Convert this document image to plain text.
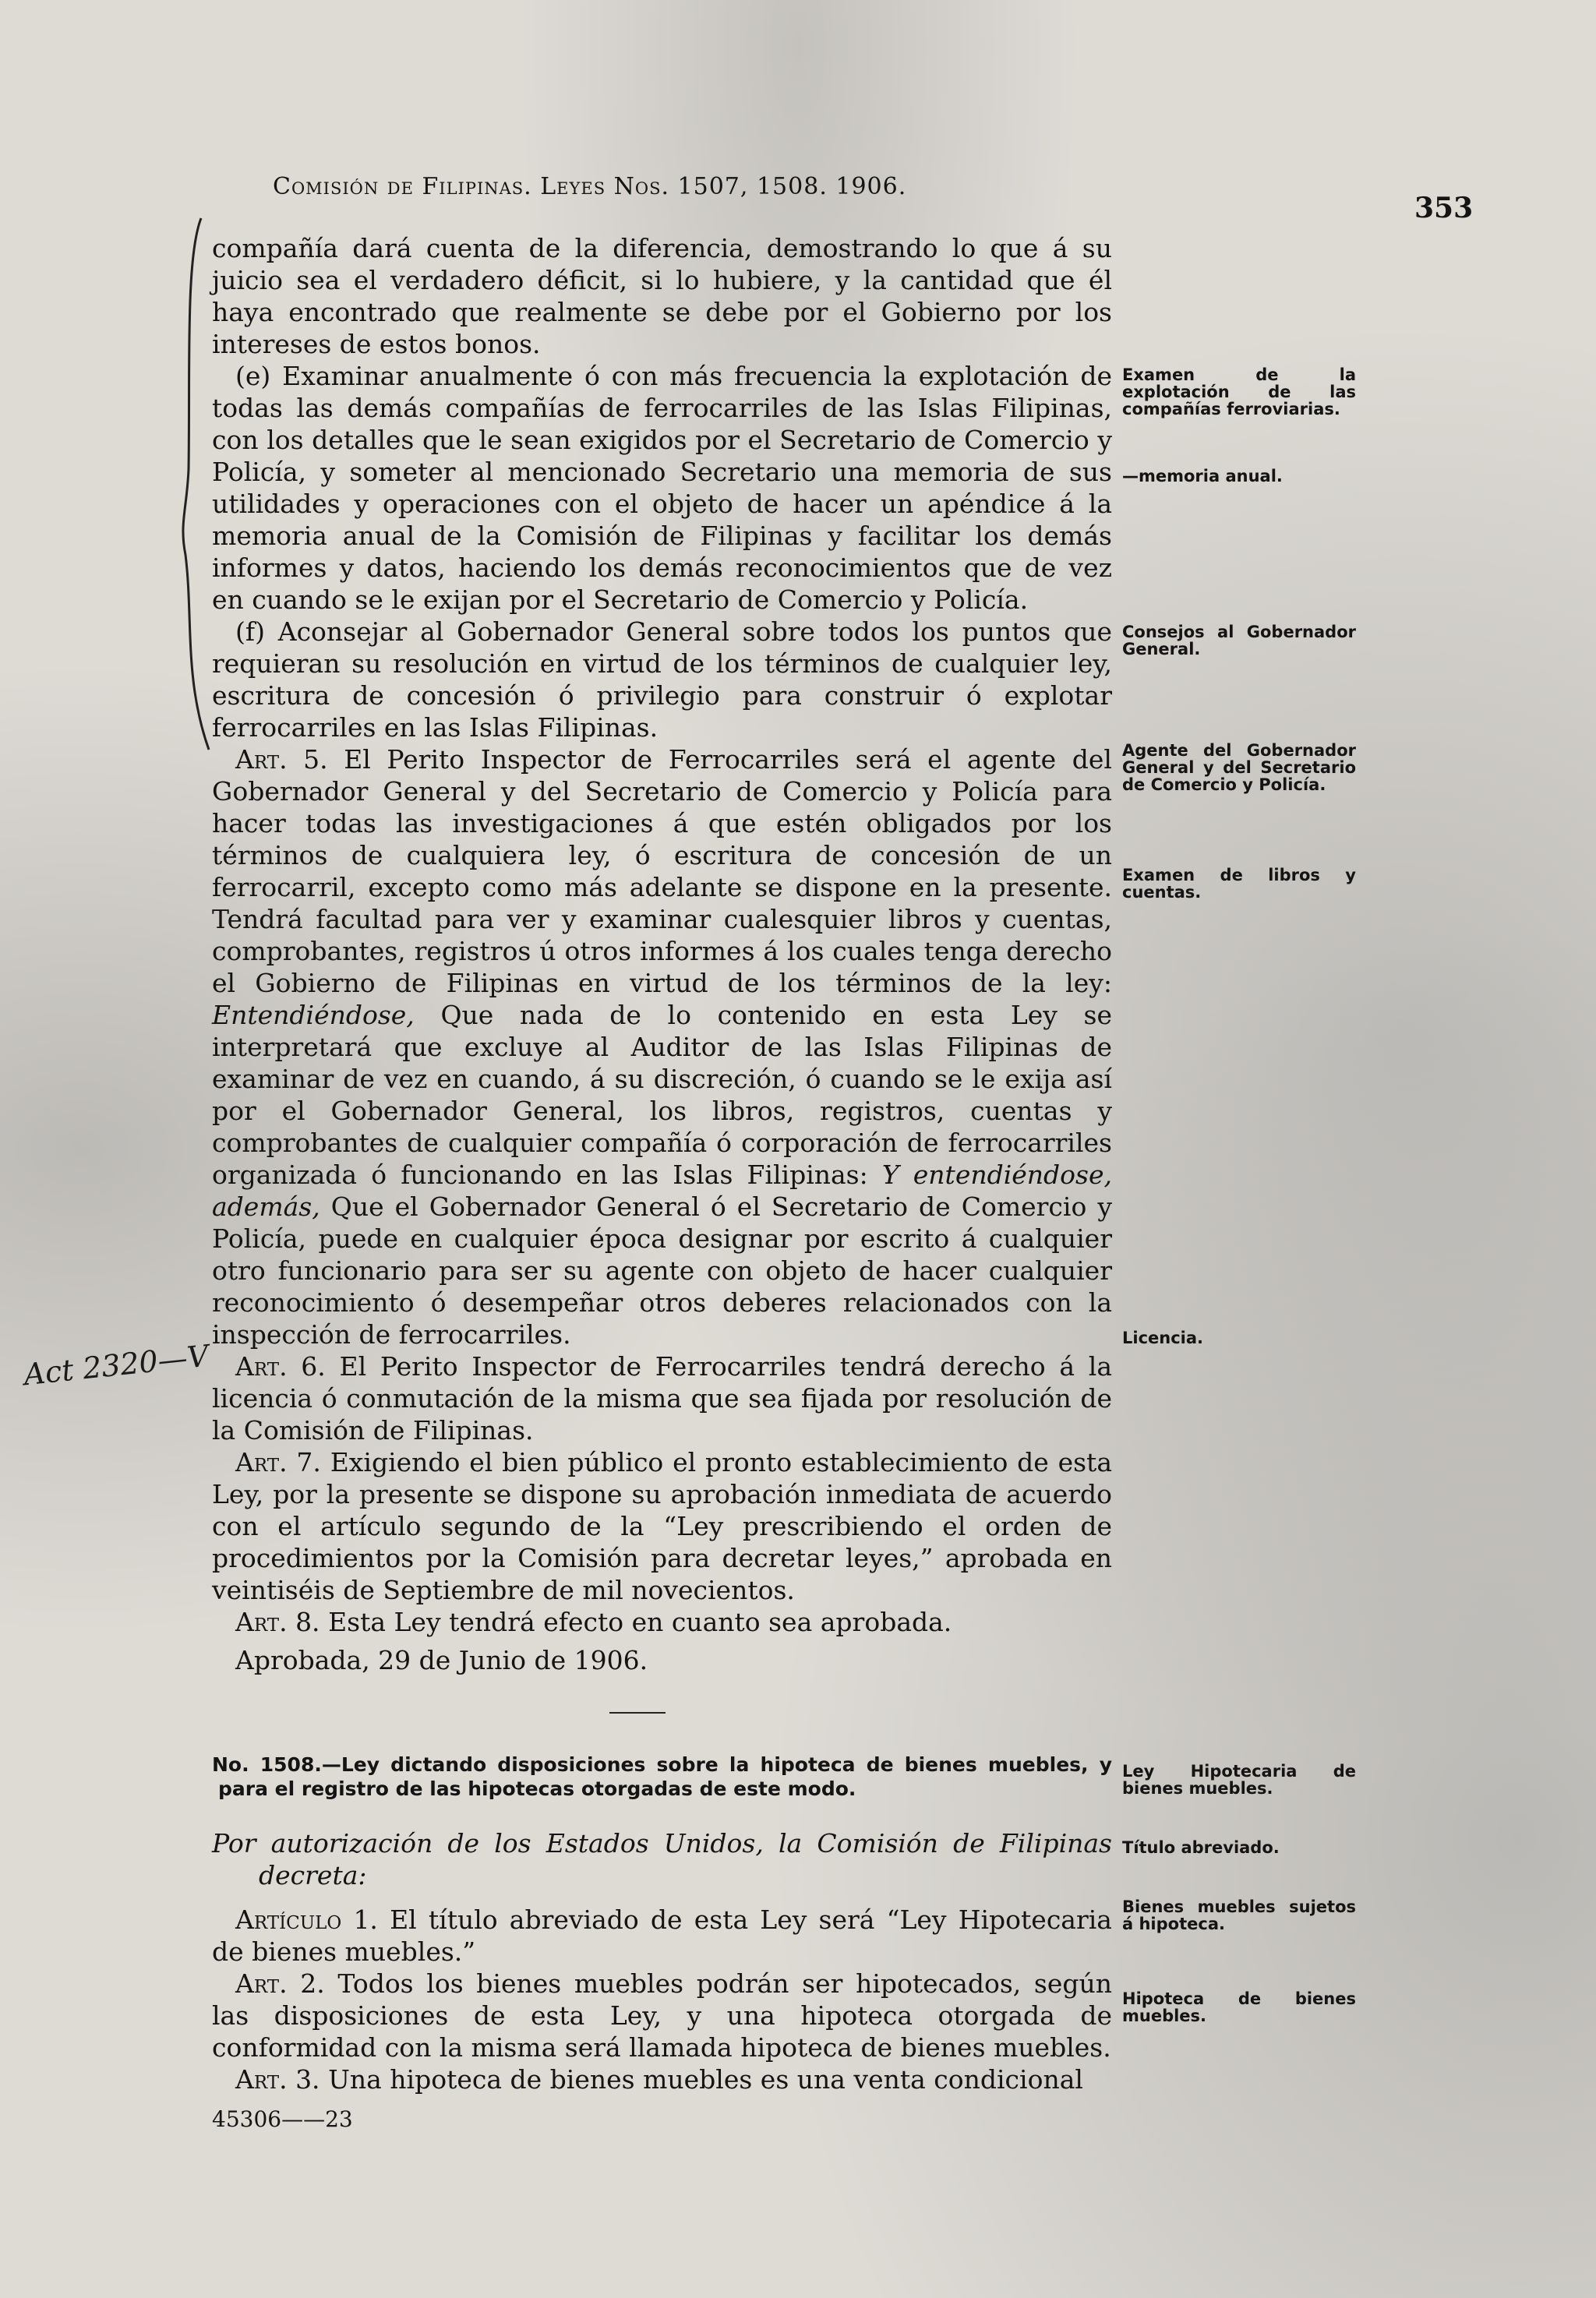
Comisión de Filipinas. Leyes Nos. 1507, 1508. 1906.
353
Act 2320—V

compañía dará cuenta de la diferencia, demostrando lo que á su juicio sea el verdadero déficit, si lo hubiere, y la cantidad que él haya encontrado que realmente se debe por el Gobierno por los intereses de estos bonos.

(e) Examinar anualmente ó con más frecuencia la explotación de todas las demás compañías de ferrocarriles de las Islas Filipinas, con los detalles que le sean exigidos por el Secretario de Comercio y Policía, y someter al mencionado Secretario una memoria de sus utilidades y operaciones con el objeto de hacer un apéndice á la memoria anual de la Comisión de Filipinas y facilitar los demás informes y datos, haciendo los demás reconocimientos que de vez en cuando se le exijan por el Secretario de Comercio y Policía.

(f) Aconsejar al Gobernador General sobre todos los puntos que requieran su resolución en virtud de los términos de cualquier ley, escritura de concesión ó privilegio para construir ó explotar ferrocarriles en las Islas Filipinas.

Art. 5. El Perito Inspector de Ferrocarriles será el agente del Gobernador General y del Secretario de Comercio y Policía para hacer todas las investigaciones á que estén obligados por los términos de cualquiera ley, ó escritura de concesión de un ferrocarril, excepto como más adelante se dispone en la presente. Tendrá facultad para ver y examinar cualesquier libros y cuentas, comprobantes, registros ú otros informes á los cuales tenga derecho el Gobierno de Filipinas en virtud de los términos de la ley: Entendiéndose, Que nada de lo contenido en esta Ley se interpretará que excluye al Auditor de las Islas Filipinas de examinar de vez en cuando, á su discreción, ó cuando se le exija así por el Gobernador General, los libros, registros, cuentas y comprobantes de cualquier compañía ó corporación de ferrocarriles organizada ó funcionando en las Islas Filipinas: Y entendiéndose, además, Que el Gobernador General ó el Secretario de Comercio y Policía, puede en cualquier época designar por escrito á cualquier otro funcionario para ser su agente con objeto de hacer cualquier reconocimiento ó desempeñar otros deberes relacionados con la inspección de ferrocarriles.

Art. 6. El Perito Inspector de Ferrocarriles tendrá derecho á la licencia ó conmutación de la misma que sea fijada por resolución de la Comisión de Filipinas.

Art. 7. Exigiendo el bien público el pronto establecimiento de esta Ley, por la presente se dispone su aprobación inmediata de acuerdo con el artículo segundo de la “Ley prescribiendo el orden de procedimientos por la Comisión para decretar leyes,” aprobada en veintiséis de Septiembre de mil novecientos.

Art. 8. Esta Ley tendrá efecto en cuanto sea aprobada.

Aprobada, 29 de Junio de 1906.

No. 1508.—Ley dictando disposiciones sobre la hipoteca de bienes muebles, y para el registro de las hipotecas otorgadas de este modo.

Por autorización de los Estados Unidos, la Comisión de Filipinas decreta:

Artículo 1. El título abreviado de esta Ley será “Ley Hipotecaria de bienes muebles.”

Art. 2. Todos los bienes muebles podrán ser hipotecados, según las disposiciones de esta Ley, y una hipoteca otorgada de conformidad con la misma será llamada hipoteca de bienes muebles.

Art. 3. Una hipoteca de bienes muebles es una venta condicional

45306——23

Examen de la explotación de las compañías ferroviarias.
—memoria anual.
Consejos al Gobernador General.
Agente del Gobernador General y del Secretario de Comercio y Policía.
Examen de libros y cuentas.
Licencia.
Ley Hipotecaria de bienes muebles.
Título abreviado.
Bienes muebles sujetos á hipoteca.
Hipoteca de bienes muebles.
